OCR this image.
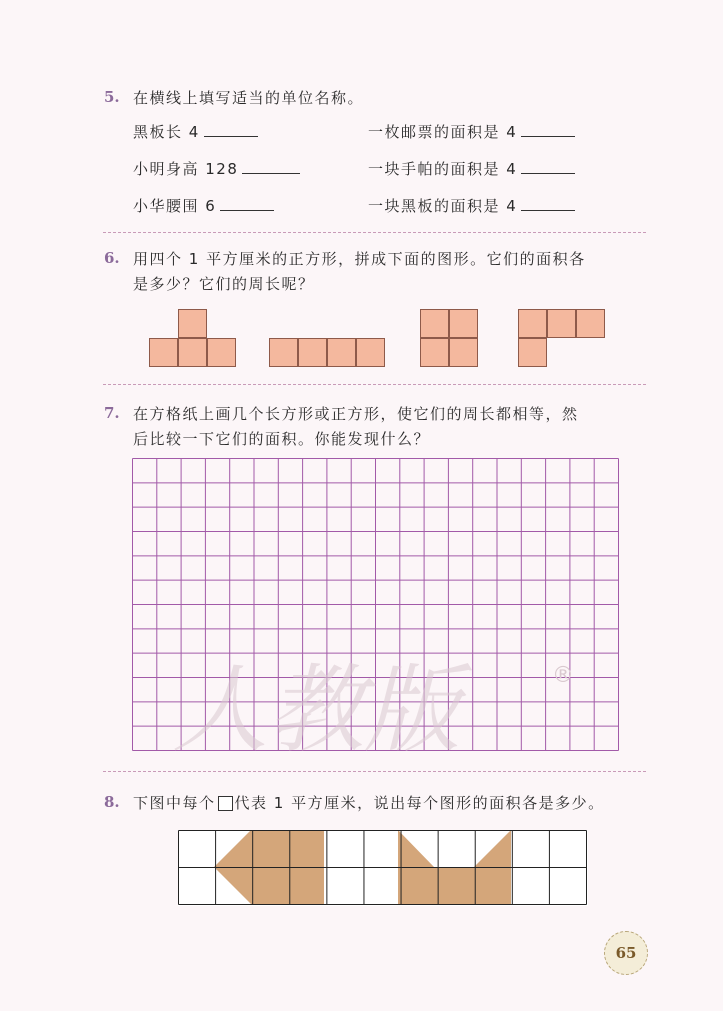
5. 在横线上填写适当的单位名称。
黑板长 4	一枚邮票的面积是 4
小明身高 128	一块手帕的面积是 4
小华腰围 6	一块黑板的面积是 4
6. 用四个 1 平方厘米的正方形，拼成下面的图形。它们的面积各
是多少？它们的周长呢？
7. 在方格纸上画几个长方形或正方形，使它们的周长都相等，然
后比较一下它们的面积。你能发现什么？
人教版	®
8. 下图中每个 代表 1 平方厘米，说出每个图形的面积各是多少。
65
